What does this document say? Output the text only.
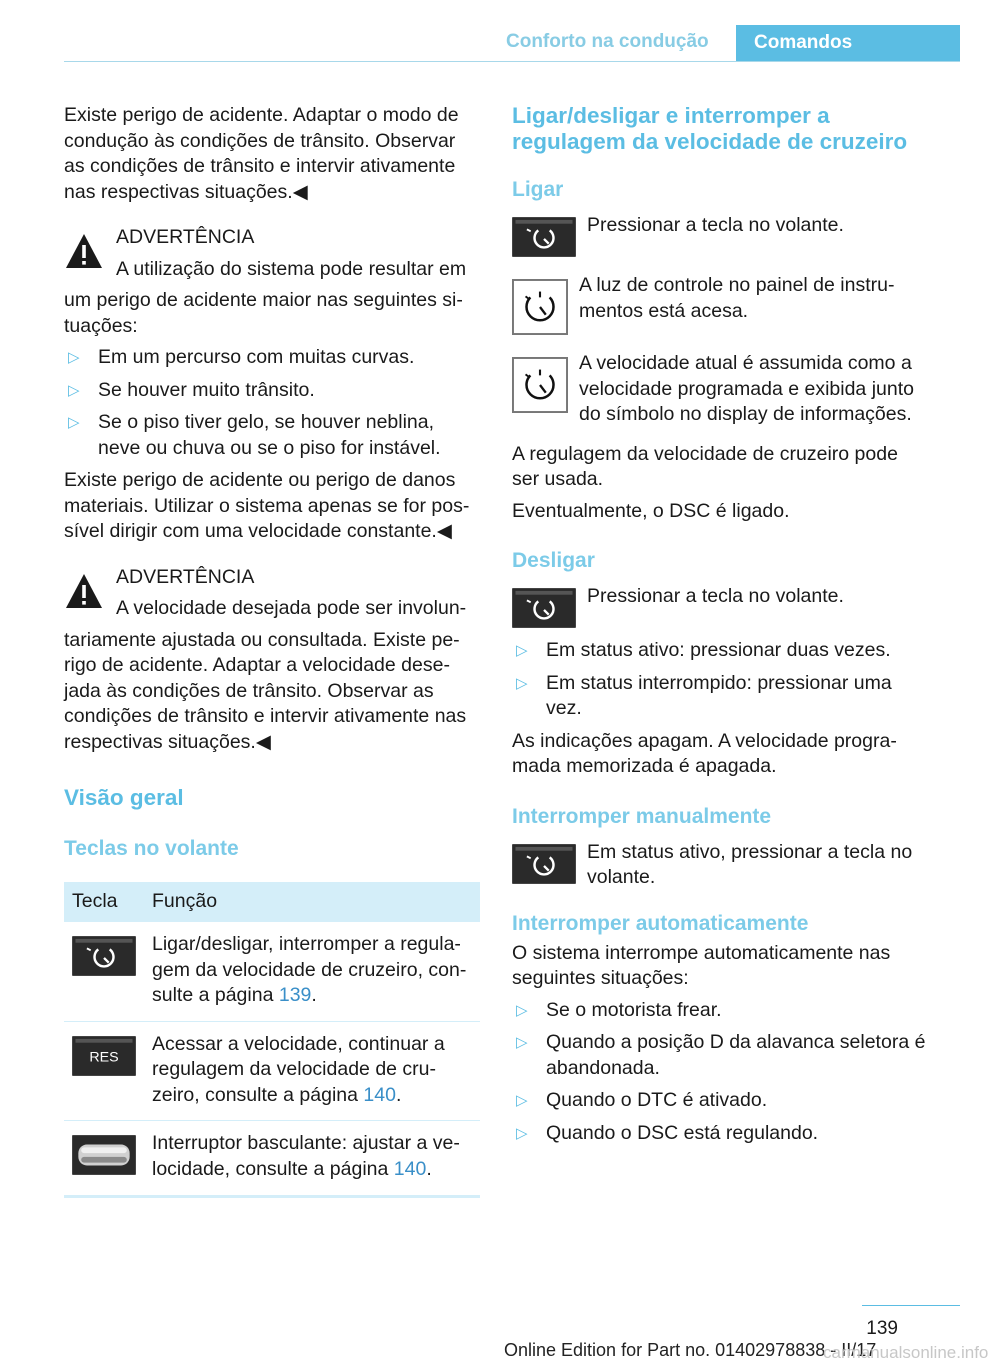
Conforto na condução Comandos

Existe perigo de acidente. Adaptar o modo de condução às condições de trânsito. Observar as condições de trânsito e intervir ativamente nas respectivas situações.◀

ADVERTÊNCIA

A utilização do sistema pode resultar em

um perigo de acidente maior nas seguintes situações:

▷ Em um percurso com muitas curvas.
▷ Se houver muito trânsito.
▷ Se o piso tiver gelo, se houver neblina, neve ou chuva ou se o piso for instável.

Existe perigo de acidente ou perigo de danos materiais. Utilizar o sistema apenas se for possível dirigir com uma velocidade constante.◀

ADVERTÊNCIA

A velocidade desejada pode ser involun-

tariamente ajustada ou consultada. Existe perigo de acidente. Adaptar a velocidade desejada às condições de trânsito. Observar as condições de trânsito e intervir ativamente nas respectivas situações.◀

Visão geral
Teclas no volante
Tecla	Função
	Ligar/desligar, interromper a regulagem da velocidade de cruzeiro, consulte a página 139.

RES	Acessar a velocidade, continuar a regulagem da velocidade de cruzeiro, consulte a página 140.
	Interruptor basculante: ajustar a velocidade, consulte a página 140.
Ligar/desligar e interromper a regulagem da velocidade de cruzeiro
Ligar

Pressionar a tecla no volante.

A luz de controle no painel de instrumentos está acesa.

A velocidade atual é assumida como a velocidade programada e exibida junto do símbolo no display de informações.

A regulagem da velocidade de cruzeiro pode ser usada.

Eventualmente, o DSC é ligado.

Desligar

Pressionar a tecla no volante.

▷ Em status ativo: pressionar duas vezes.
▷ Em status interrompido: pressionar uma vez.

As indicações apagam. A velocidade programada memorizada é apagada.

Interromper manualmente

Em status ativo, pressionar a tecla no volante.

Interromper automaticamente

O sistema interrompe automaticamente nas seguintes situações:

▷ Se o motorista frear.
▷ Quando a posição D da alavanca seletora é abandonada.
▷ Quando o DTC é ativado.
▷ Quando o DSC está regulando.
139
Online Edition for Part no. 01402978838 - II/17
carmanualsonline.info
